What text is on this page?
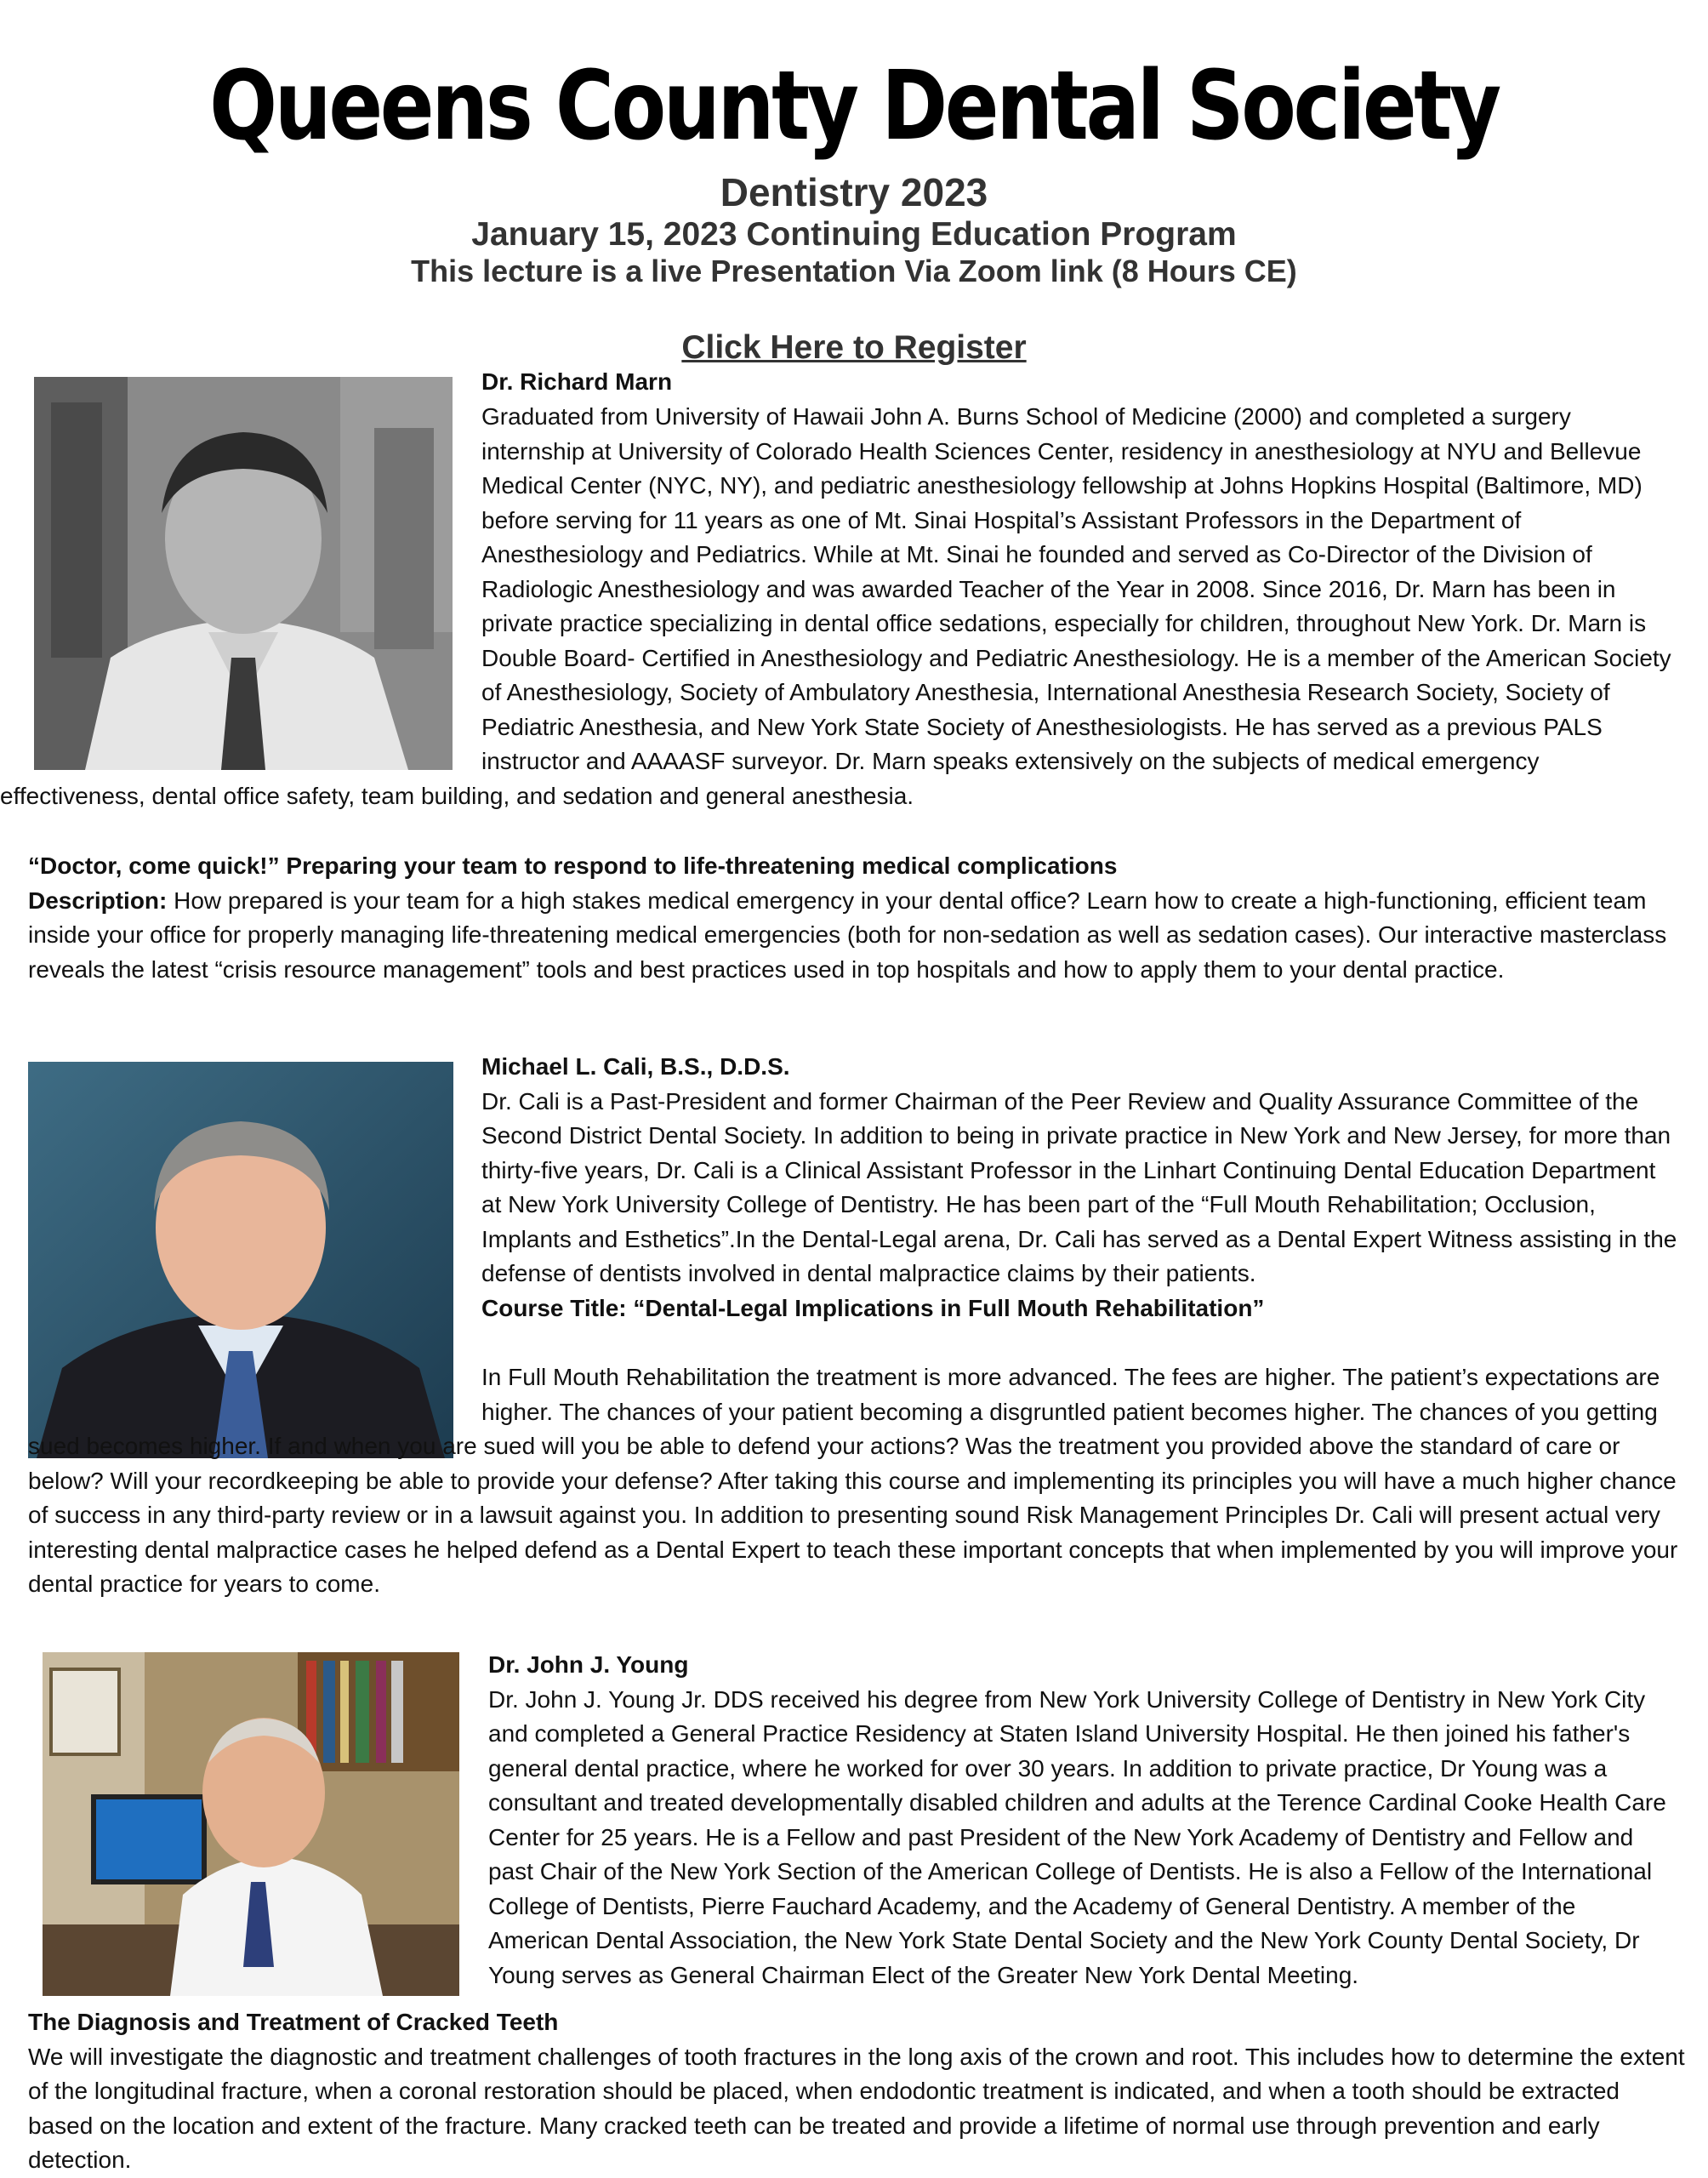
Queens County Dental Society
Dentistry 2023
January 15, 2023 Continuing Education Program
This lecture is a live Presentation Via Zoom link (8 Hours CE)
Click Here to Register

Dr. Richard Marn

Graduated from University of Hawaii John A. Burns School of Medicine (2000) and completed a surgery internship at University of Colorado Health Sciences Center, residency in anesthesiology at NYU and Bellevue Medical Center (NYC, NY), and pediatric anesthesiology fellowship at Johns Hopkins Hospital (Baltimore, MD) before serving for 11 years as one of Mt. Sinai Hospital’s Assistant Professors in the Department of Anesthesiology and Pediatrics. While at Mt. Sinai he founded and served as Co-Director of the Division of Radiologic Anesthesiology and was awarded Teacher of the Year in 2008. Since 2016, Dr. Marn has been in private practice specializing in dental office sedations, especially for children, throughout New York. Dr. Marn is Double Board- Certified in Anesthesiology and Pediatric Anesthesiology. He is a member of the American Society of Anesthesiology, Society of Ambulatory Anesthesia, International Anesthesia Research Society, Society of Pediatric Anesthesia, and New York State Society of Anesthesiologists. He has served as a previous PALS instructor and AAAASF surveyor. Dr. Marn speaks extensively on the subjects of medical emergency effectiveness, dental office safety, team building, and sedation and general anesthesia.

“Doctor, come quick!” Preparing your team to respond to life-threatening medical complications

Description: How prepared is your team for a high stakes medical emergency in your dental office? Learn how to create a high-functioning, efficient team inside your office for properly managing life-threatening medical emergencies (both for non-sedation as well as sedation cases). Our interactive masterclass reveals the latest “crisis resource management” tools and best practices used in top hospitals and how to apply them to your dental practice.

Michael L. Cali, B.S., D.D.S.

Dr. Cali is a Past-President and former Chairman of the Peer Review and Quality Assurance Committee of the Second District Dental Society. In addition to being in private practice in New York and New Jersey, for more than thirty-five years, Dr. Cali is a Clinical Assistant Professor in the Linhart Continuing Dental Education Department at New York University College of Dentistry. He has been part of the “Full Mouth Rehabilitation; Occlusion, Implants and Esthetics”.In the Dental-Legal arena, Dr. Cali has served as a Dental Expert Witness assisting in the defense of dentists involved in dental malpractice claims by their patients.

Course Title: “Dental-Legal Implications in Full Mouth Rehabilitation”

In Full Mouth Rehabilitation the treatment is more advanced. The fees are higher. The patient’s expectations are higher. The chances of your patient becoming a disgruntled patient becomes higher. The chances of you getting sued becomes higher. If and when you are sued will you be able to defend your actions? Was the treatment you provided above the standard of care or below? Will your recordkeeping be able to provide your defense? After taking this course and implementing its principles you will have a much higher chance of success in any third-party review or in a lawsuit against you. In addition to presenting sound Risk Management Principles Dr. Cali will present actual very interesting dental malpractice cases he helped defend as a Dental Expert to teach these important concepts that when implemented by you will improve your dental practice for years to come.

Dr. John J. Young

Dr. John J. Young Jr. DDS received his degree from New York University College of Dentistry in New York City and completed a General Practice Residency at Staten Island University Hospital. He then joined his father's general dental practice, where he worked for over 30 years. In addition to private practice, Dr Young was a consultant and treated developmentally disabled children and adults at the Terence Cardinal Cooke Health Care Center for 25 years. He is a Fellow and past President of the New York Academy of Dentistry and Fellow and past Chair of the New York Section of the American College of Dentists. He is also a Fellow of the International College of Dentists, Pierre Fauchard Academy, and the Academy of General Dentistry. A member of the American Dental Association, the New York State Dental Society and the New York County Dental Society, Dr Young serves as General Chairman Elect of the Greater New York Dental Meeting.

The Diagnosis and Treatment of Cracked Teeth

We will investigate the diagnostic and treatment challenges of tooth fractures in the long axis of the crown and root. This includes how to determine the extent of the longitudinal fracture, when a coronal restoration should be placed, when endodontic treatment is indicated, and when a tooth should be extracted based on the location and extent of the fracture. Many cracked teeth can be treated and provide a lifetime of normal use through prevention and early detection.
